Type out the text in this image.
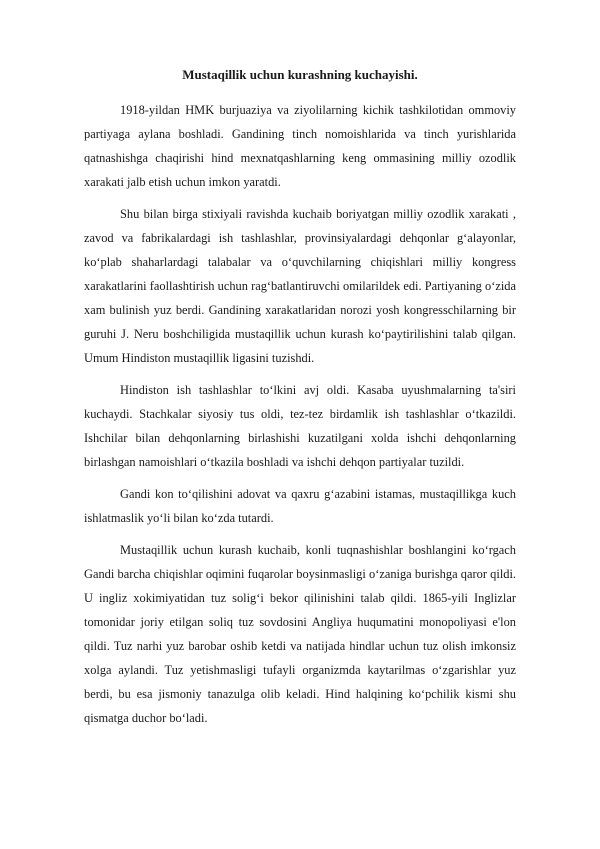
Mustaqillik uchun kurashning kuchayishi.

1918-yildan HMK burjuaziya va ziyolilarning kichik tashkilotidan ommoviy partiyaga aylana boshladi. Gandining tinch nomoishlarida va tinch yurishlarida qatnashishga chaqirishi hind mexnatqashlarning keng ommasining milliy ozodlik xarakati jalb etish uchun imkon yaratdi.

Shu bilan birga stixiyali ravishda kuchaib boriyatgan milliy ozodlik xarakati , zavod va fabrikalardagi ish tashlashlar, provinsiyalardagi dehqonlar g‘alayonlar, ko‘plab shaharlardagi talabalar va o‘quvchilarning chiqishlari milliy kongress xarakatlarini faollashtirish uchun rag‘batlantiruvchi omilarildek edi. Partiyaning o‘zida xam bulinish yuz berdi. Gandining xarakatlaridan norozi yosh kongresschilarning bir guruhi J. Neru boshchiligida mustaqillik uchun kurash ko‘paytirilishini talab qilgan. Umum Hindiston mustaqillik ligasini tuzishdi.

Hindiston ish tashlashlar to‘lkini avj oldi. Kasaba uyushmalarning ta'siri kuchaydi. Stachkalar siyosiy tus oldi, tez-tez birdamlik ish tashlashlar o‘tkazildi. Ishchilar bilan dehqonlarning birlashishi kuzatilgani xolda ishchi dehqonlarning birlashgan namoishlari o‘tkazila boshladi va ishchi dehqon partiyalar tuzildi.

Gandi kon to‘qilishini adovat va qaxru g‘azabini istamas, mustaqillikga kuch ishlatmaslik yo‘li bilan ko‘zda tutardi.

Mustaqillik uchun kurash kuchaib, konli tuqnashishlar boshlangini ko‘rgach Gandi barcha chiqishlar oqimini fuqarolar boysinmasligi o‘zaniga burishga qaror qildi. U ingliz xokimiyatidan tuz solig‘i bekor qilinishini talab qildi. 1865-yili Inglizlar tomonidar joriy etilgan soliq tuz sovdosini Angliya huqumatini monopoliyasi e'lon qildi. Tuz narhi yuz barobar oshib ketdi va natijada hindlar uchun tuz olish imkonsiz xolga aylandi. Tuz yetishmasligi tufayli organizmda kaytarilmas o‘zgarishlar yuz berdi, bu esa jismoniy tanazulga olib keladi. Hind halqining ko‘pchilik kismi shu qismatga duchor bo‘ladi.
